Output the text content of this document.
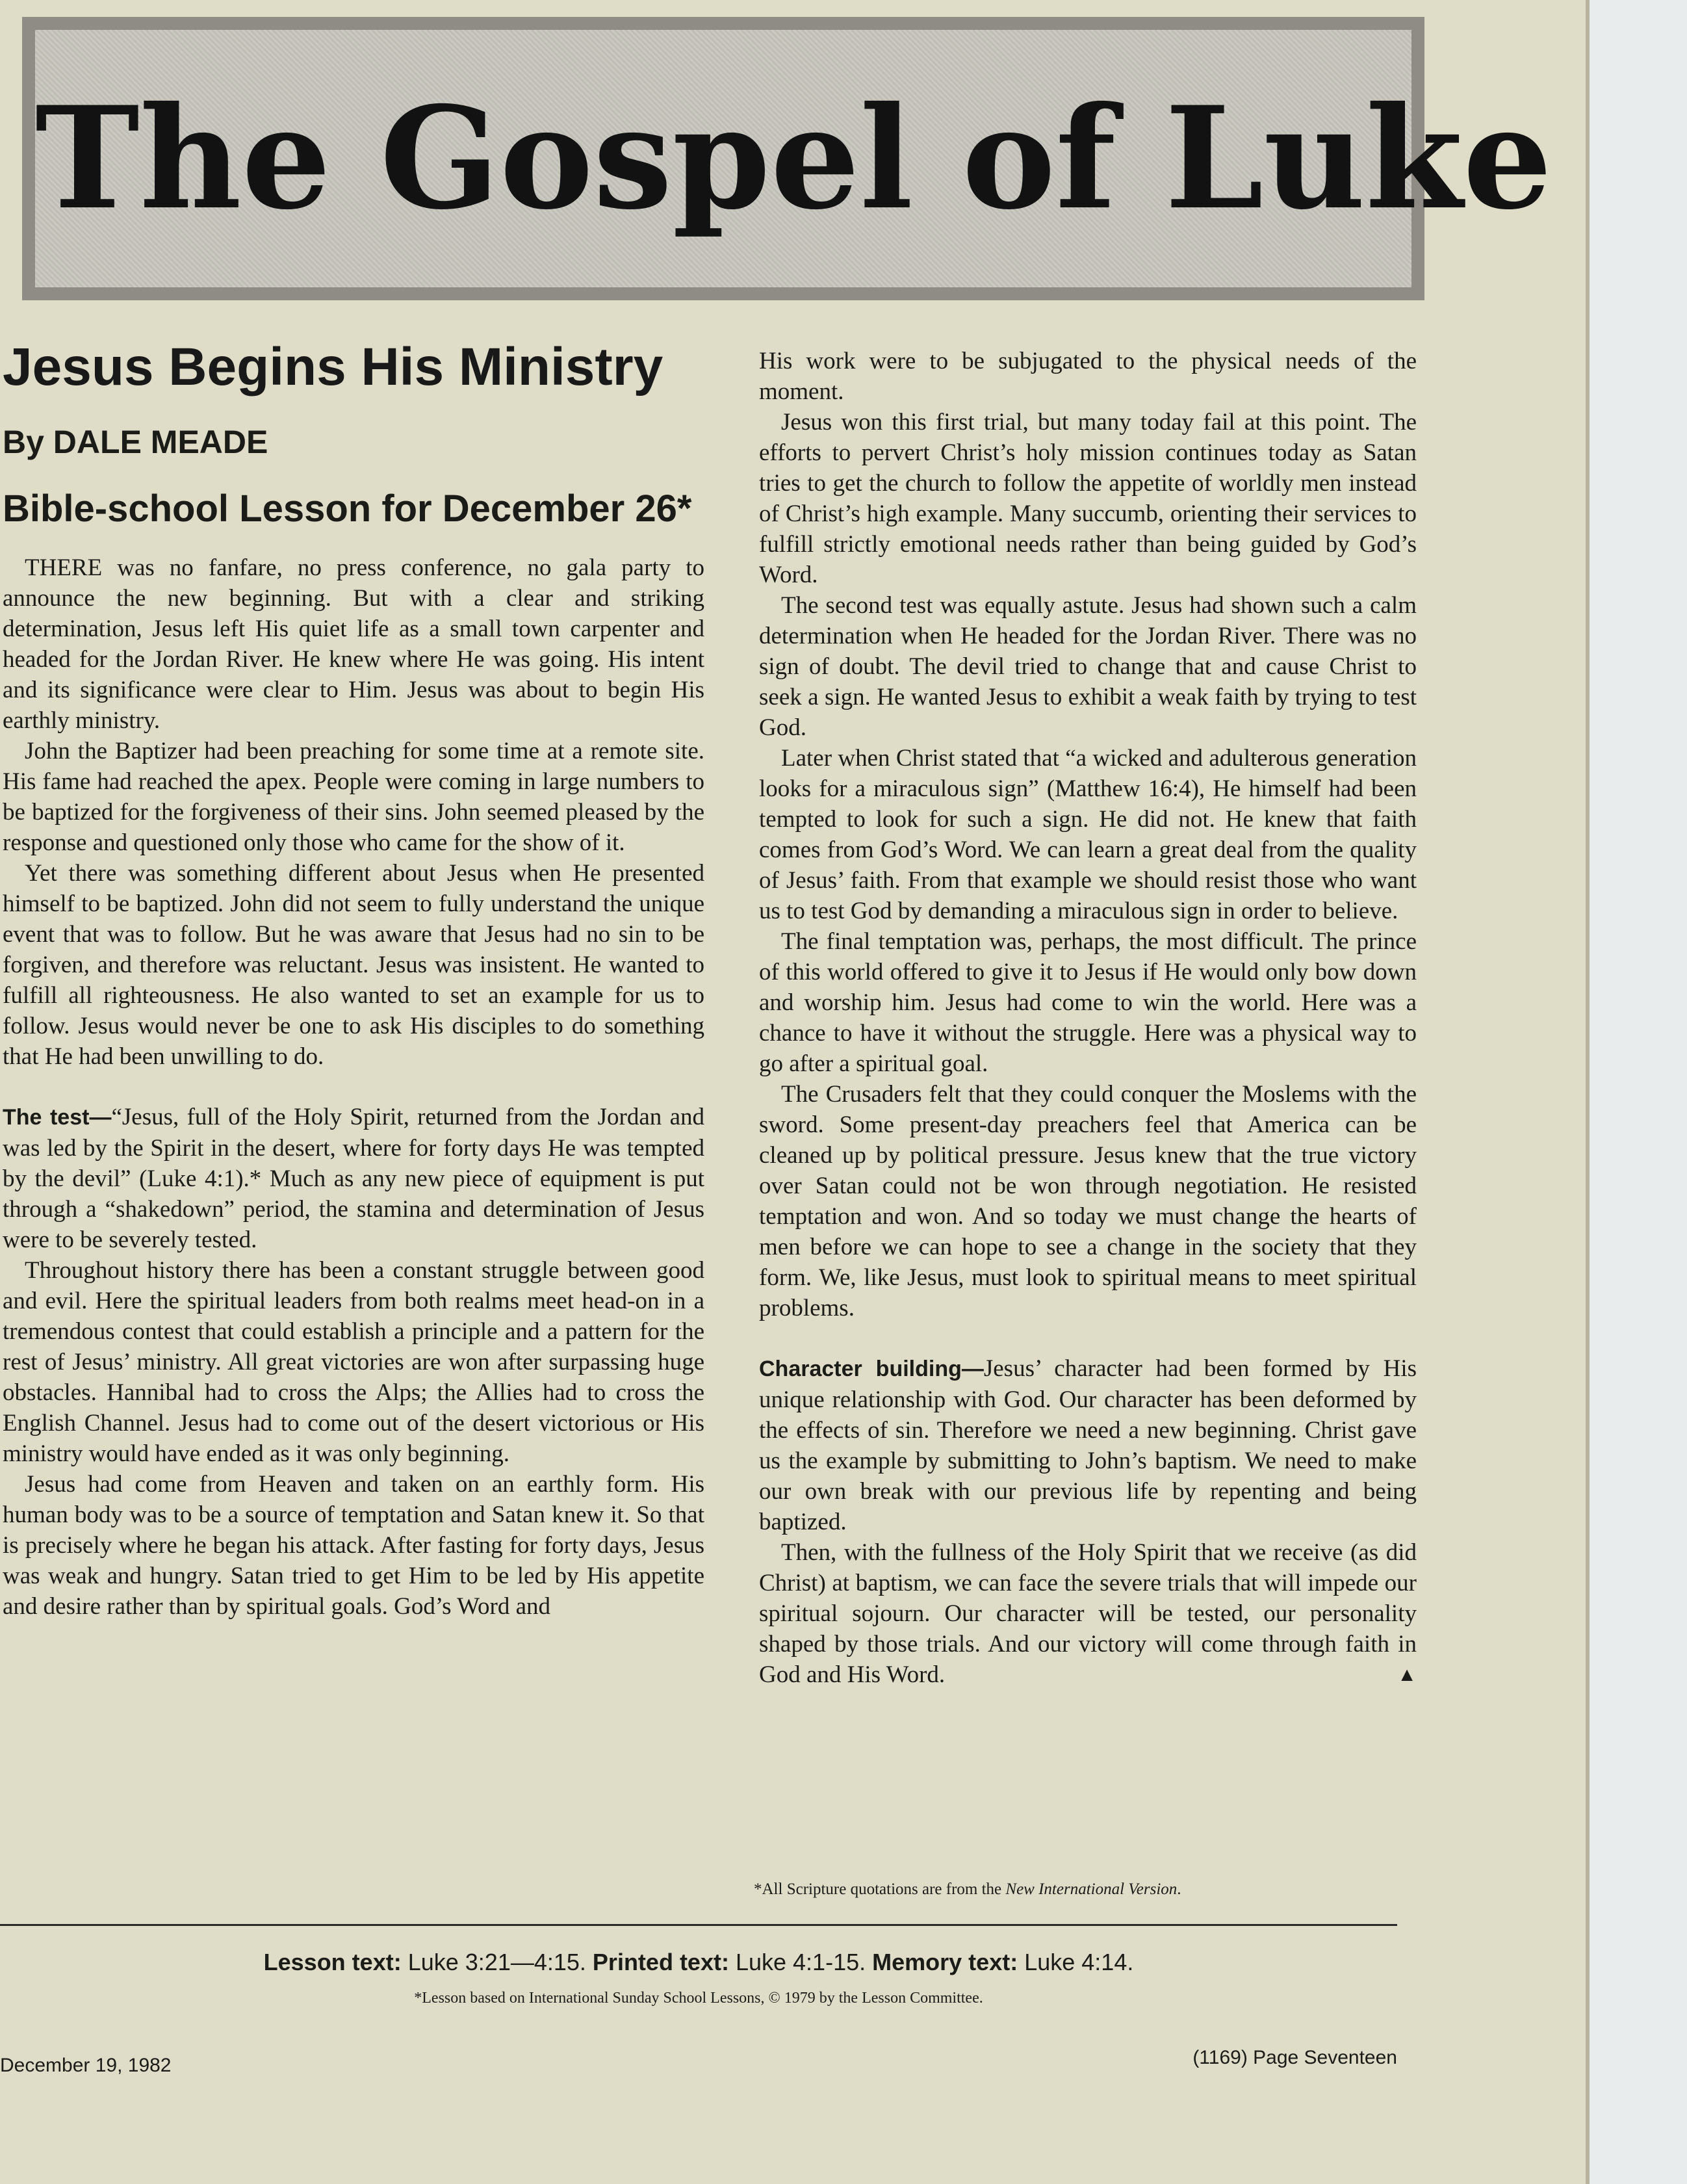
The Gospel of Luke
Jesus Begins His Ministry
By DALE MEADE
Bible-school Lesson for December 26*

THERE was no fanfare, no press conference, no gala party to announce the new beginning. But with a clear and striking determination, Jesus left His quiet life as a small town carpenter and headed for the Jordan River. He knew where He was going. His intent and its significance were clear to Him. Jesus was about to begin His earthly ministry.

John the Baptizer had been preaching for some time at a remote site. His fame had reached the apex. People were coming in large numbers to be baptized for the forgiveness of their sins. John seemed pleased by the response and questioned only those who came for the show of it.

Yet there was something different about Jesus when He presented himself to be baptized. John did not seem to fully understand the unique event that was to follow. But he was aware that Jesus had no sin to be forgiven, and therefore was reluctant. Jesus was insistent. He wanted to fulfill all righteousness. He also wanted to set an example for us to follow. Jesus would never be one to ask His disciples to do something that He had been unwilling to do.

The test—“Jesus, full of the Holy Spirit, returned from the Jordan and was led by the Spirit in the desert, where for forty days He was tempted by the devil” (Luke 4:1).* Much as any new piece of equipment is put through a “shakedown” period, the stamina and determination of Jesus were to be severely tested.

Throughout history there has been a constant struggle between good and evil. Here the spiritual leaders from both realms meet head-on in a tremendous contest that could establish a principle and a pattern for the rest of Jesus’ ministry. All great victories are won after surpassing huge obstacles. Hannibal had to cross the Alps; the Allies had to cross the English Channel. Jesus had to come out of the desert victorious or His ministry would have ended as it was only beginning.

Jesus had come from Heaven and taken on an earthly form. His human body was to be a source of temptation and Satan knew it. So that is precisely where he began his attack. After fasting for forty days, Jesus was weak and hungry. Satan tried to get Him to be led by His appetite and desire rather than by spiritual goals. God’s Word and

His work were to be subjugated to the physical needs of the moment.

Jesus won this first trial, but many today fail at this point. The efforts to pervert Christ’s holy mission continues today as Satan tries to get the church to follow the appetite of worldly men instead of Christ’s high example. Many succumb, orienting their services to fulfill strictly emotional needs rather than being guided by God’s Word.

The second test was equally astute. Jesus had shown such a calm determination when He headed for the Jordan River. There was no sign of doubt. The devil tried to change that and cause Christ to seek a sign. He wanted Jesus to exhibit a weak faith by trying to test God.

Later when Christ stated that “a wicked and adulterous generation looks for a miraculous sign” (Matthew 16:4), He himself had been tempted to look for such a sign. He did not. He knew that faith comes from God’s Word. We can learn a great deal from the quality of Jesus’ faith. From that example we should resist those who want us to test God by demanding a miraculous sign in order to believe.

The final temptation was, perhaps, the most difficult. The prince of this world offered to give it to Jesus if He would only bow down and worship him. Jesus had come to win the world. Here was a chance to have it without the struggle. Here was a physical way to go after a spiritual goal.

The Crusaders felt that they could conquer the Moslems with the sword. Some present-day preachers feel that America can be cleaned up by political pressure. Jesus knew that the true victory over Satan could not be won through negotiation. He resisted temptation and won. And so today we must change the hearts of men before we can hope to see a change in the society that they form. We, like Jesus, must look to spiritual means to meet spiritual problems.

Character building—Jesus’ character had been formed by His unique relationship with God. Our character has been deformed by the effects of sin. Therefore we need a new beginning. Christ gave us the example by submitting to John’s baptism. We need to make our own break with our previous life by repenting and being baptized.

Then, with the fullness of the Holy Spirit that we receive (as did Christ) at baptism, we can face the severe trials that will impede our spiritual sojourn. Our character will be tested, our personality shaped by those trials. And our victory will come through faith in God and His Word.	▲

*All Scripture quotations are from the New International Version.
Lesson text: Luke 3:21—4:15. Printed text: Luke 4:1-15. Memory text: Luke 4:14.
*Lesson based on International Sunday School Lessons, © 1979 by the Lesson Committee.
December 19, 1982	(1169) Page Seventeen
